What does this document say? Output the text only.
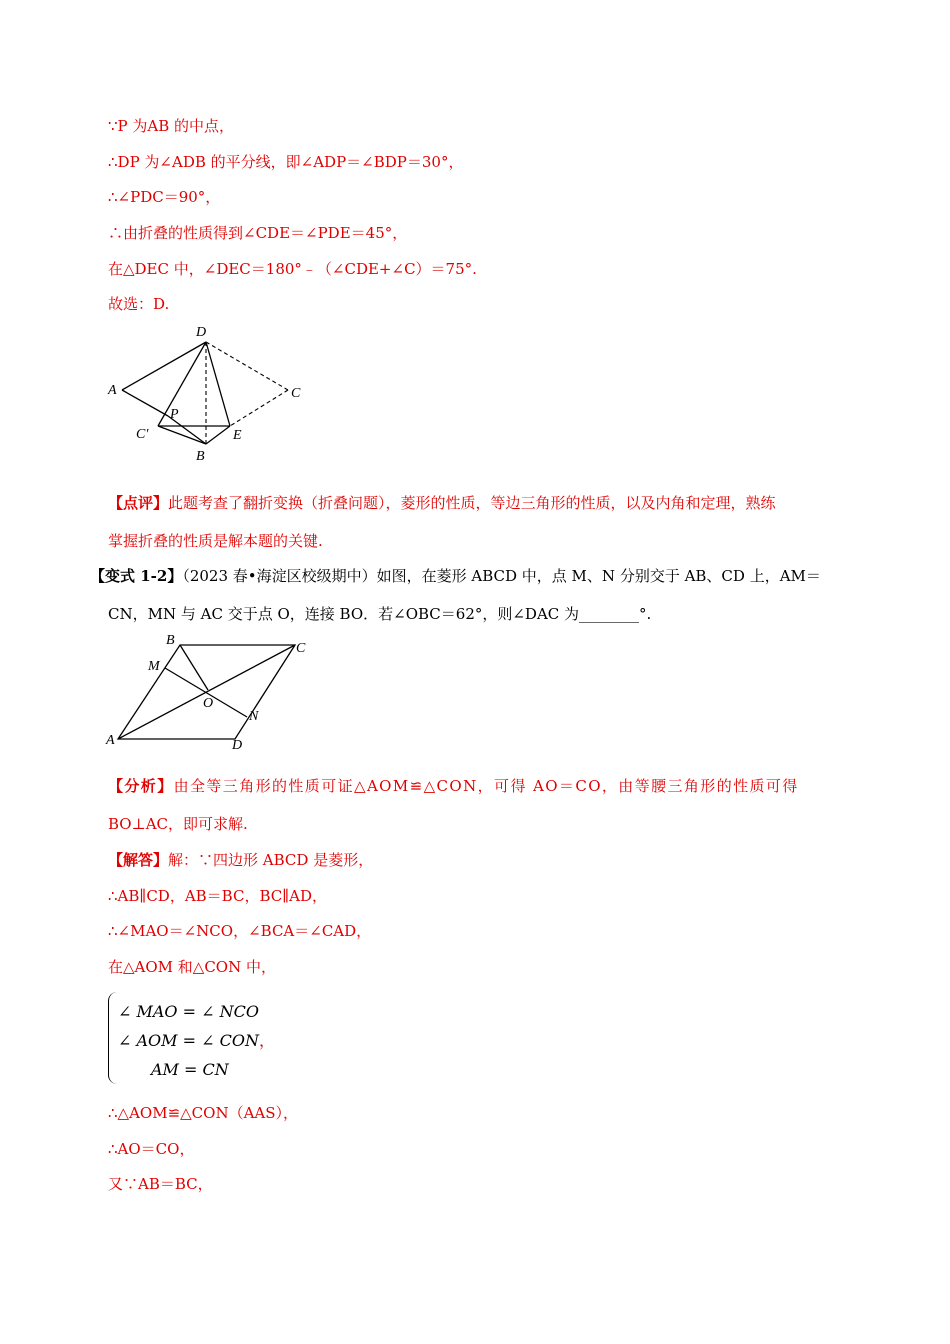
∵P 为AB 的中点，
∴DP 为∠ADB 的平分线，即∠ADP＝∠BDP＝30°，
∴∠PDC＝90°，
∴由折叠的性质得到∠CDE＝∠PDE＝45°，
在△DEC 中，∠DEC＝180°﹣（∠CDE+∠C）＝75°.
故选：D.
D
A	C
P
C′	E
B
【点评】此题考查了翻折变换（折叠问题），菱形的性质，等边三角形的性质，以及内角和定理，熟练
掌握折叠的性质是解本题的关键.
【变式 1-2】（2023 春•海淀区校级期中）如图，在菱形 ABCD 中，点 M、N 分别交于 AB、CD 上，AM＝
CN，MN 与 AC 交于点 O，连接 BO．若∠OBC＝62°，则∠DAC 为________°.
B
C
M
O
N
A	D
【分析】由全等三角形的性质可证△AOM≌△CON，可得 AO＝CO，由等腰三角形的性质可得
BO⊥AC，即可求解.
【解答】解：∵四边形 ABCD 是菱形，
∴AB∥CD，AB＝BC，BC∥AD，
∴∠MAO＝∠NCO，∠BCA＝∠CAD，
在△AOM 和△CON 中，
∠ MAO = ∠ NCO
∠ AOM = ∠ CON，
AM = CN
∴△AOM≌△CON（AAS），
∴AO＝CO，
又∵AB＝BC，
